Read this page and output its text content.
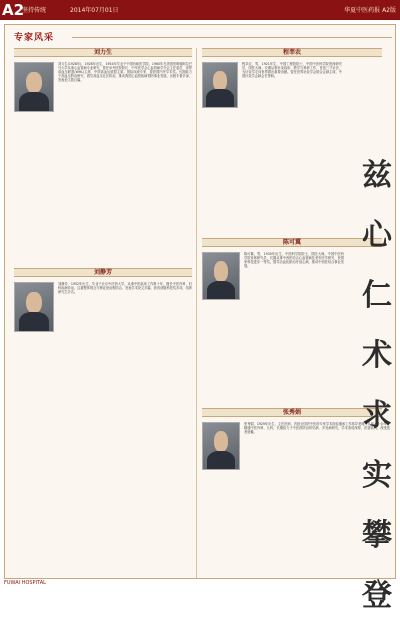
A2
坚持传统	2014年07月01日	华夏中医药报 A2版
专家风采
刘力生
刘力生(1928年)，1928年出生，1954年毕业于中国协和医学院。1960年在美国伯明翰阿拉巴马大学从事心血管病专业研究，曾任阜外医院院长、中华医学会心血管病学分会主任委员、世界高血压联盟(WHL)主席、中国高血压联盟主席。国际权威专家，曾获国内外学术奖。长期致力于高血压防治研究，倡导高血压社区防治，推动我国心血管疾病预防事业发展。出版专著多部，发表论文数百篇。
程莘农
程莘农，男，1921年生，中国工程院院士，中国中医科学院资深研究员，国医大师。长期从事针灸临床、教学与科研工作，首创三才针法，为针灸学走向世界做出重要贡献。曾任世界针灸学会联合会副主席，中国针灸学会副会长等职。
陈可冀
陈可冀，男，1930年出生，中国科学院院士，国医大师。中国中医科学院首席研究员，长期从事中西医结合心血管病及老年医学研究，获国家科技进步一等奖。倡导活血化瘀治疗冠心病，推动中西医结合事业发展。
刘静芳
刘静芳，1952年出生，毕业于北京中医药大学，从事中医临床工作数十年，擅长中医内科、妇科疾病诊治，注重整体观念与辨证论治相结合。发表学术论文多篇，获省部级科技奖多项，培养研究生多名。
张秀娟
张秀娟，1929年出生，主任医师，首批全国老中医药专家学术经验继承工作指导老师，从医六十余年，精通中医内科、儿科，长期致力于中医药防治常见病、多发病研究，学术造诣深厚，医德高尚，深受患者爱戴。
兹
心
仁
术
求
实
攀
登
FUWAI HOSPITAL
